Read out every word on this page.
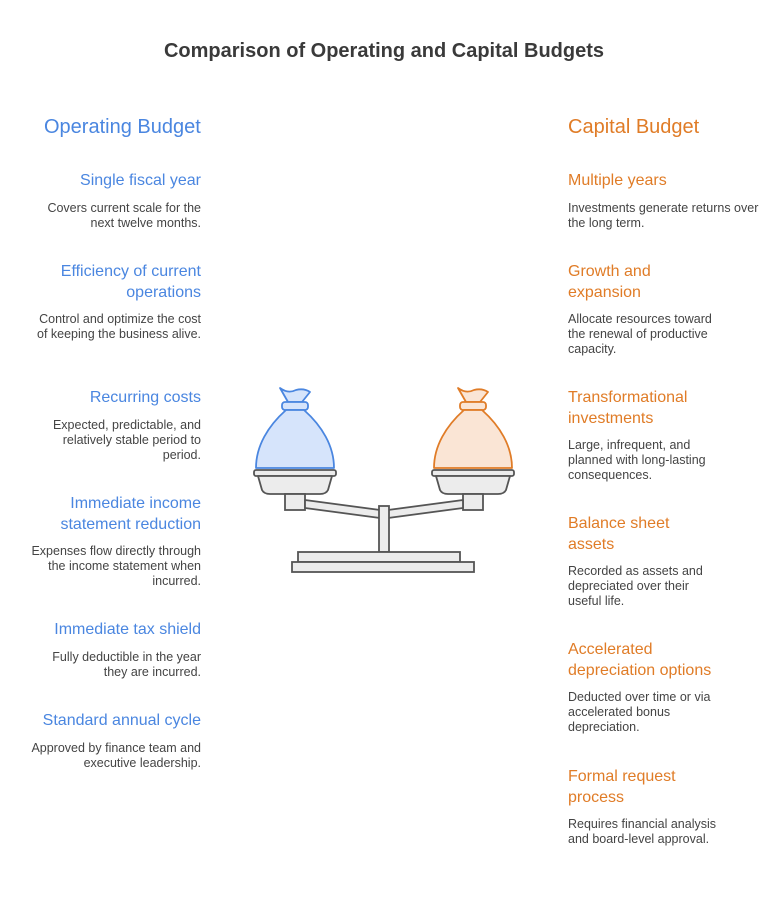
Comparison of Operating and Capital Budgets
Operating Budget	Capital Budget
Single fiscal year
Covers current scale for the next twelve months.
Efficiency of current operations
Control and optimize the cost of keeping the business alive.
Recurring costs
Expected, predictable, and relatively stable period to period.
Immediate income statement reduction
Expenses flow directly through the income statement when incurred.
Immediate tax shield
Fully deductible in the year they are incurred.
Standard annual cycle
Approved by finance team and executive leadership.
Multiple years
Investments generate returns over the long term.
Growth and expansion
Allocate resources toward the renewal of productive capacity.
Transformational investments
Large, infrequent, and planned with long-lasting consequences.
Balance sheet assets
Recorded as assets and depreciated over their useful life.
Accelerated depreciation options
Deducted over time or via accelerated bonus depreciation.
Formal request process
Requires financial analysis and board-level approval.
